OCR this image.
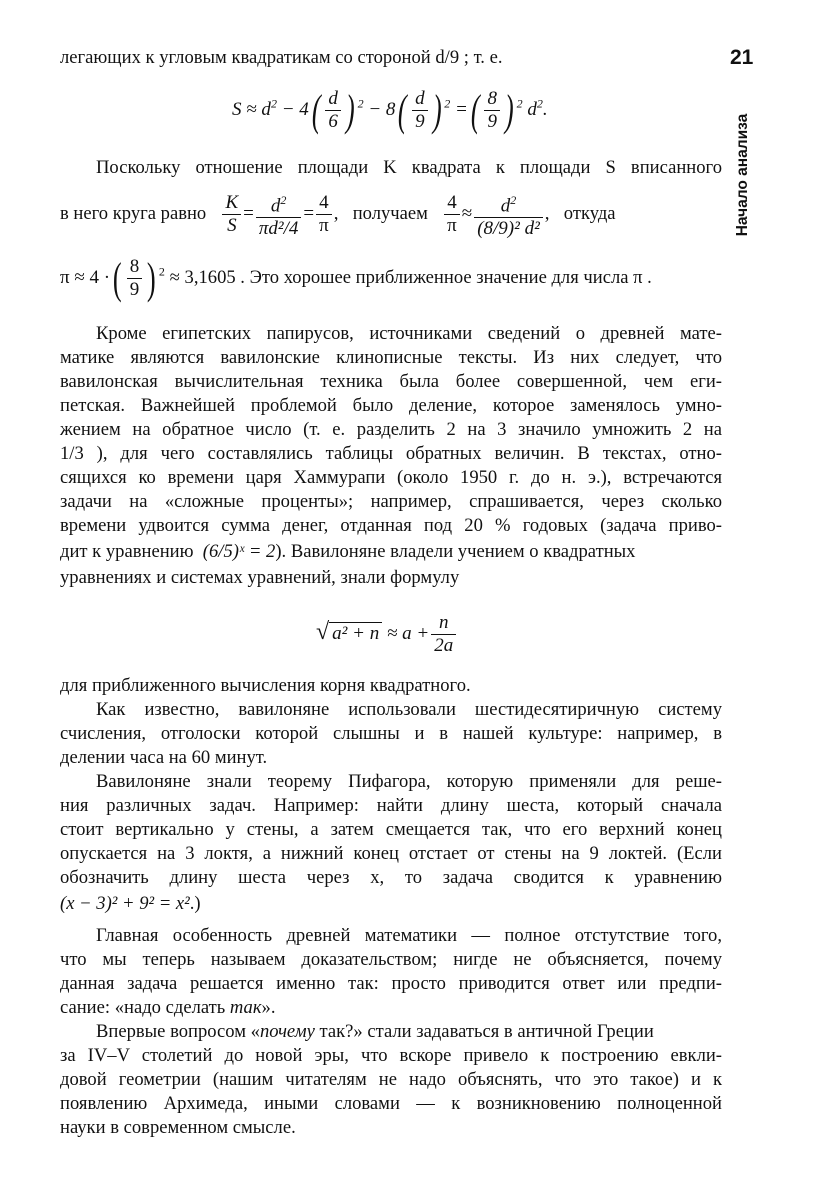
21
Начало анализа
легающих к угловым квадратикам со стороной d/9 ; т. е.
$S \approx d^2 - 4( \frac{d}{6}$ ) $^2 - 8( \frac{d}{9}$ ) $^2$ =( $\frac{8}{9}$ ) $^2$ $d^2$.
Поскольку отношение площади K квадрата к площади S вписанного
в него круга равно $\frac{K}{S} = \frac{d^2}{\text{πd²/4}} = \frac{4}{\pi}$ ,   получаем $\frac{4}{\pi} \approx \frac{d^2}{\text{(8/9)² d²}}$ ,   откуда
π ≈ 4 ·( $\frac{8}{9}$ ) $^2$ ≈ 3,1605 . Это хорошее приближенное значение для числа π .
Кроме египетских папирусов, источниками сведений о древней мате-
матике являются вавилонские клинописные тексты. Из них следует, что
вавилонская вычислительная техника была более совершенной, чем еги-
петская. Важнейшей проблемой было деление, которое заменялось умно-
жением на обратное число (т. е. разделить 2 на 3 значило умножить 2 на
1/3 ), для чего составлялись таблицы обратных величин. В текстах, отно-
сящихся ко времени царя Хаммурапи (около 1950 г. до н. э.), встречаются
задачи на «сложные проценты»; например, спрашивается, через сколько
времени удвоится сумма денег, отданная под 20 % годовых (задача приво-
дит к уравнению (6/5)ˣ = 2). Вавилоняне владели учением о квадратных
уравнениях и системах уравнений, знали формулу
√ $a^2 + n \approx a + \frac{n}{2a}$
для приближенного вычисления корня квадратного.
Как известно, вавилоняне использовали шестидесятиричную систему
счисления, отголоски которой слышны и в нашей культуре: например, в
делении часа на 60 минут.
Вавилоняне знали теорему Пифагора, которую применяли для реше-
ния различных задач. Например: найти длину шеста, который сначала
стоит вертикально у стены, а затем смещается так, что его верхний конец
опускается на 3 локтя, а нижний конец отстает от стены на 9 локтей. (Если
обозначить длину шеста через x, то задача сводится к уравнению
(x − 3)² + 9² = x².)
Главная особенность древней математики — полное отстутствие того,
что мы теперь называем доказательством; нигде не объясняется, почему
данная задача решается именно так: просто приводится ответ или предпи-
сание: «надо сделать так».
Впервые вопросом «почему так?» стали задаваться в античной Греции
за IV–V столетий до новой эры, что вскоре привело к построению евкли-
довой геометрии (нашим читателям не надо объяснять, что это такое) и к
появлению Архимеда, иными словами — к возникновению полноценной
науки в современном смысле.
